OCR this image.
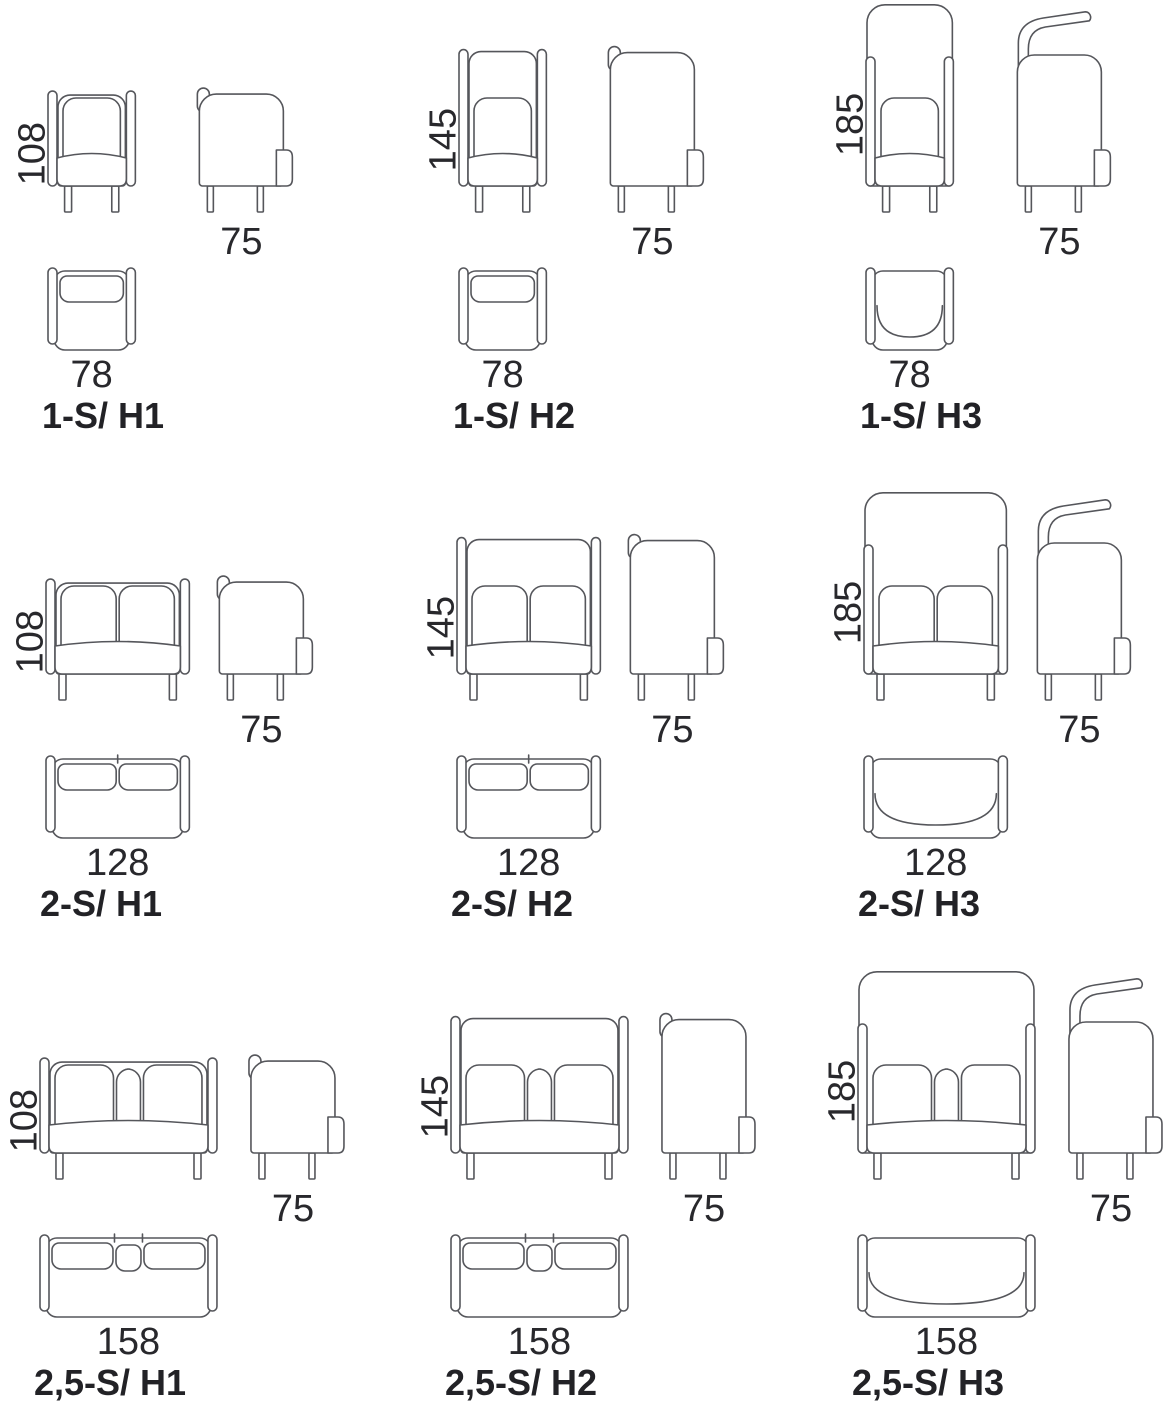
108
75
78
1-S/ H1
145
75
78
1-S/ H2
185
75
78
1-S/ H3
108
75
128
2-S/ H1
145
75
128
2-S/ H2
185
75
128
2-S/ H3
108
75
158
2,5-S/ H1
145
75
158
2,5-S/ H2
185
75
158
2,5-S/ H3
